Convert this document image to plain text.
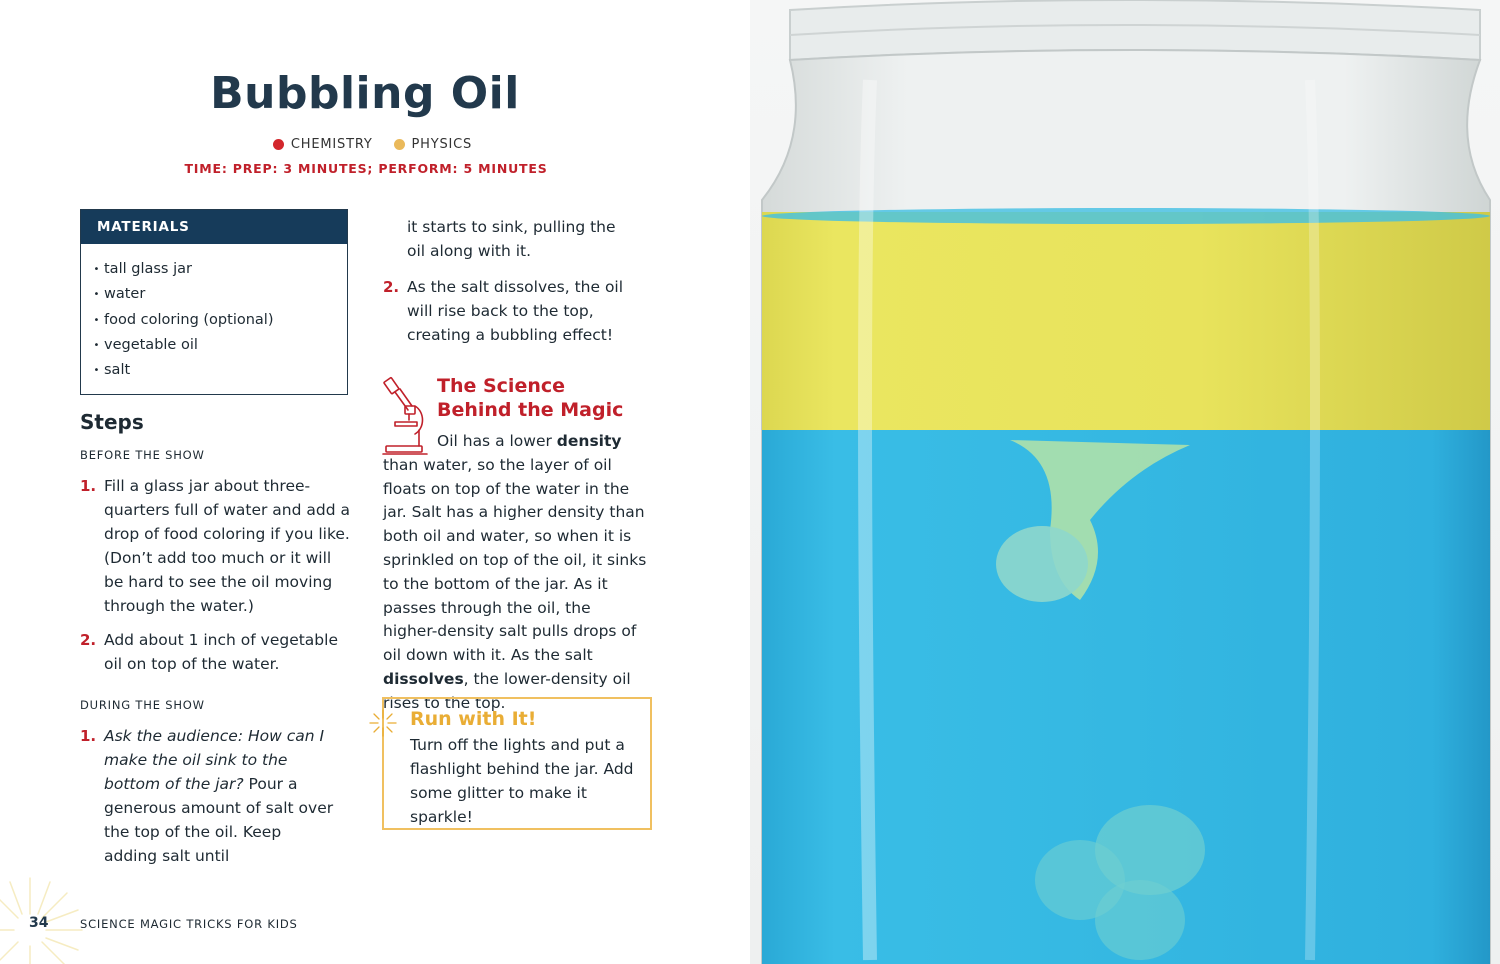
Bubbling Oil
CHEMISTRY
	PHYSICS
TIME: PREP: 3 MINUTES; PERFORM: 5 MINUTES
MATERIALS
• tall glass jar
• water
• food coloring (optional)
• vegetable oil
• salt
Steps
BEFORE THE SHOW
1. Fill a glass jar about three-quarters full of water and add a drop of food coloring if you like. (Don’t add too much or it will be hard to see the oil moving through the water.)
2. Add about 1 inch of vegetable oil on top of the water.
DURING THE SHOW
1. Ask the audience: How can I make the oil sink to the bottom of the jar? Pour a generous amount of salt over the top of the oil. Keep adding salt until
it starts to sink, pulling the oil along with it.
2. As the salt dissolves, the oil will rise back to the top, creating a bubbling effect!
The Science
Behind the Magic

Oil has a lower density than water, so the layer of oil floats on top of the water in the jar. Salt has a higher density than both oil and water, so when it is sprinkled on top of the oil, it sinks to the bottom of the jar. As it passes through the oil, the higher-density salt pulls drops of oil down with it. As the salt dissolves, the lower-density oil rises to the top.

Run with It!
Turn off the lights and put a flashlight behind the jar. Add some glitter to make it sparkle!
34	SCIENCE MAGIC TRICKS FOR KIDS
